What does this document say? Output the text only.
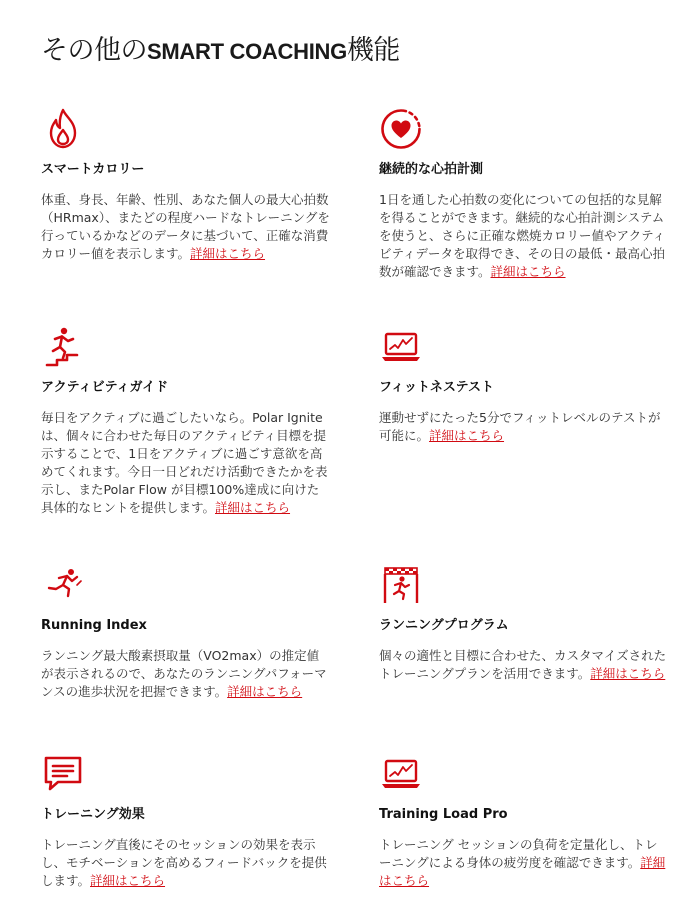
その他のSMART COACHING機能
スマートカロリー

体重、身長、年齢、性別、あなた個人の最大心拍数（HRmax）、またどの程度ハードなトレーニングを行っているかなどのデータに基づいて、正確な消費カロリー値を表示します。詳細はこちら

継続的な心拍計測

1日を通した心拍数の変化についての包括的な見解を得ることができます。継続的な心拍計測システムを使うと、さらに正確な燃焼カロリー値やアクティビティデータを取得でき、その日の最低・最高心拍数が確認できます。詳細はこちら

アクティビティガイド

毎日をアクティブに過ごしたいなら。Polar Igniteは、個々に合わせた毎日のアクティビティ目標を提示することで、1日をアクティブに過ごす意欲を高めてくれます。今日一日どれだけ活動できたかを表示し、またPolar Flow が目標100%達成に向けた具体的なヒントを提供します。詳細はこちら

フィットネステスト

運動せずにたった5分でフィットレベルのテストが可能に。詳細はこちら

Running Index

ランニング最大酸素摂取量（VO2max）の推定値が表示されるので、あなたのランニングパフォーマンスの進歩状況を把握できます。詳細はこちら

ランニングプログラム

個々の適性と目標に合わせた、カスタマイズされたトレーニングプランを活用できます。詳細はこちら

トレーニング効果

トレーニング直後にそのセッションの効果を表示し、モチベーションを高めるフィードバックを提供します。詳細はこちら

Training Load Pro

トレーニング セッションの負荷を定量化し、トレーニングによる身体の疲労度を確認できます。詳細はこちら
